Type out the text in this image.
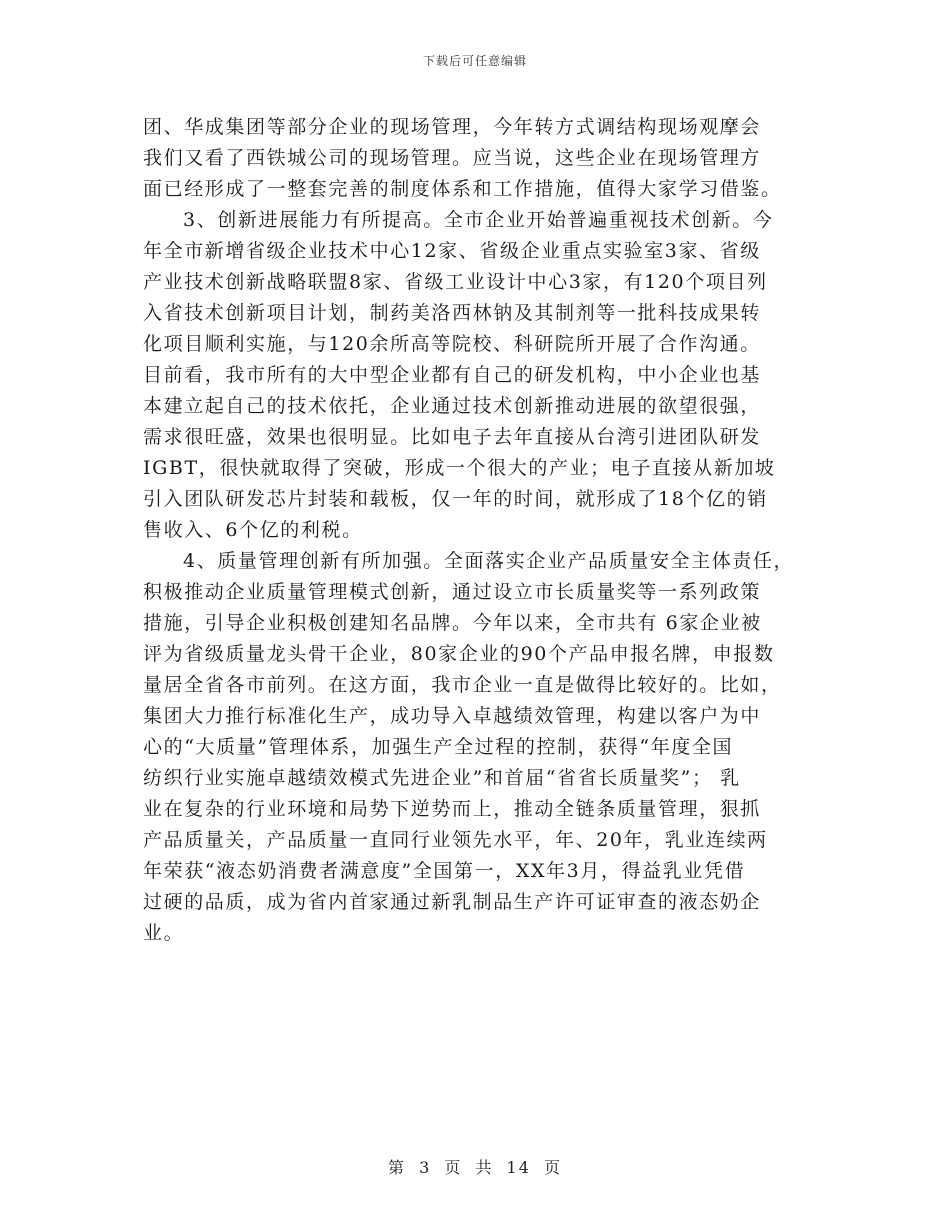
下载后可任意编辑
团、华成集团等部分企业的现场管理，今年转方式调结构现场观摩会
我们又看了西铁城公司的现场管理。应当说，这些企业在现场管理方
面已经形成了一整套完善的制度体系和工作措施，值得大家学习借鉴。
3、创新进展能力有所提高。全市企业开始普遍重视技术创新。今
年全市新增省级企业技术中心12家、省级企业重点实验室3家、省级
产业技术创新战略联盟8家、省级工业设计中心3家，有120个项目列
入省技术创新项目计划，制药美洛西林钠及其制剂等一批科技成果转
化项目顺利实施，与120余所高等院校、科研院所开展了合作沟通。
目前看，我市所有的大中型企业都有自己的研发机构，中小企业也基
本建立起自己的技术依托，企业通过技术创新推动进展的欲望很强，
需求很旺盛，效果也很明显。比如电子去年直接从台湾引进团队研发
IGBT，很快就取得了突破，形成一个很大的产业；电子直接从新加坡
引入团队研发芯片封装和载板，仅一年的时间，就形成了18个亿的销
售收入、6个亿的利税。
4、质量管理创新有所加强。全面落实企业产品质量安全主体责任，
积极推动企业质量管理模式创新，通过设立市长质量奖等一系列政策
措施，引导企业积极创建知名品牌。今年以来，全市共有 6家企业被
评为省级质量龙头骨干企业，80家企业的90个产品申报名牌，申报数
量居全省各市前列。在这方面，我市企业一直是做得比较好的。比如，
集团大力推行标准化生产，成功导入卓越绩效管理，构建以客户为中
心的“大质量”管理体系，加强生产全过程的控制，获得“年度全国
纺织行业实施卓越绩效模式先进企业”和首届“省省长质量奖”； 乳
业在复杂的行业环境和局势下逆势而上，推动全链条质量管理，狠抓
产品质量关，产品质量一直同行业领先水平，年、20年，乳业连续两
年荣获“液态奶消费者满意度”全国第一，XX年3月，得益乳业凭借
过硬的品质，成为省内首家通过新乳制品生产许可证审查的液态奶企
业。
第 3 页 共 14 页
